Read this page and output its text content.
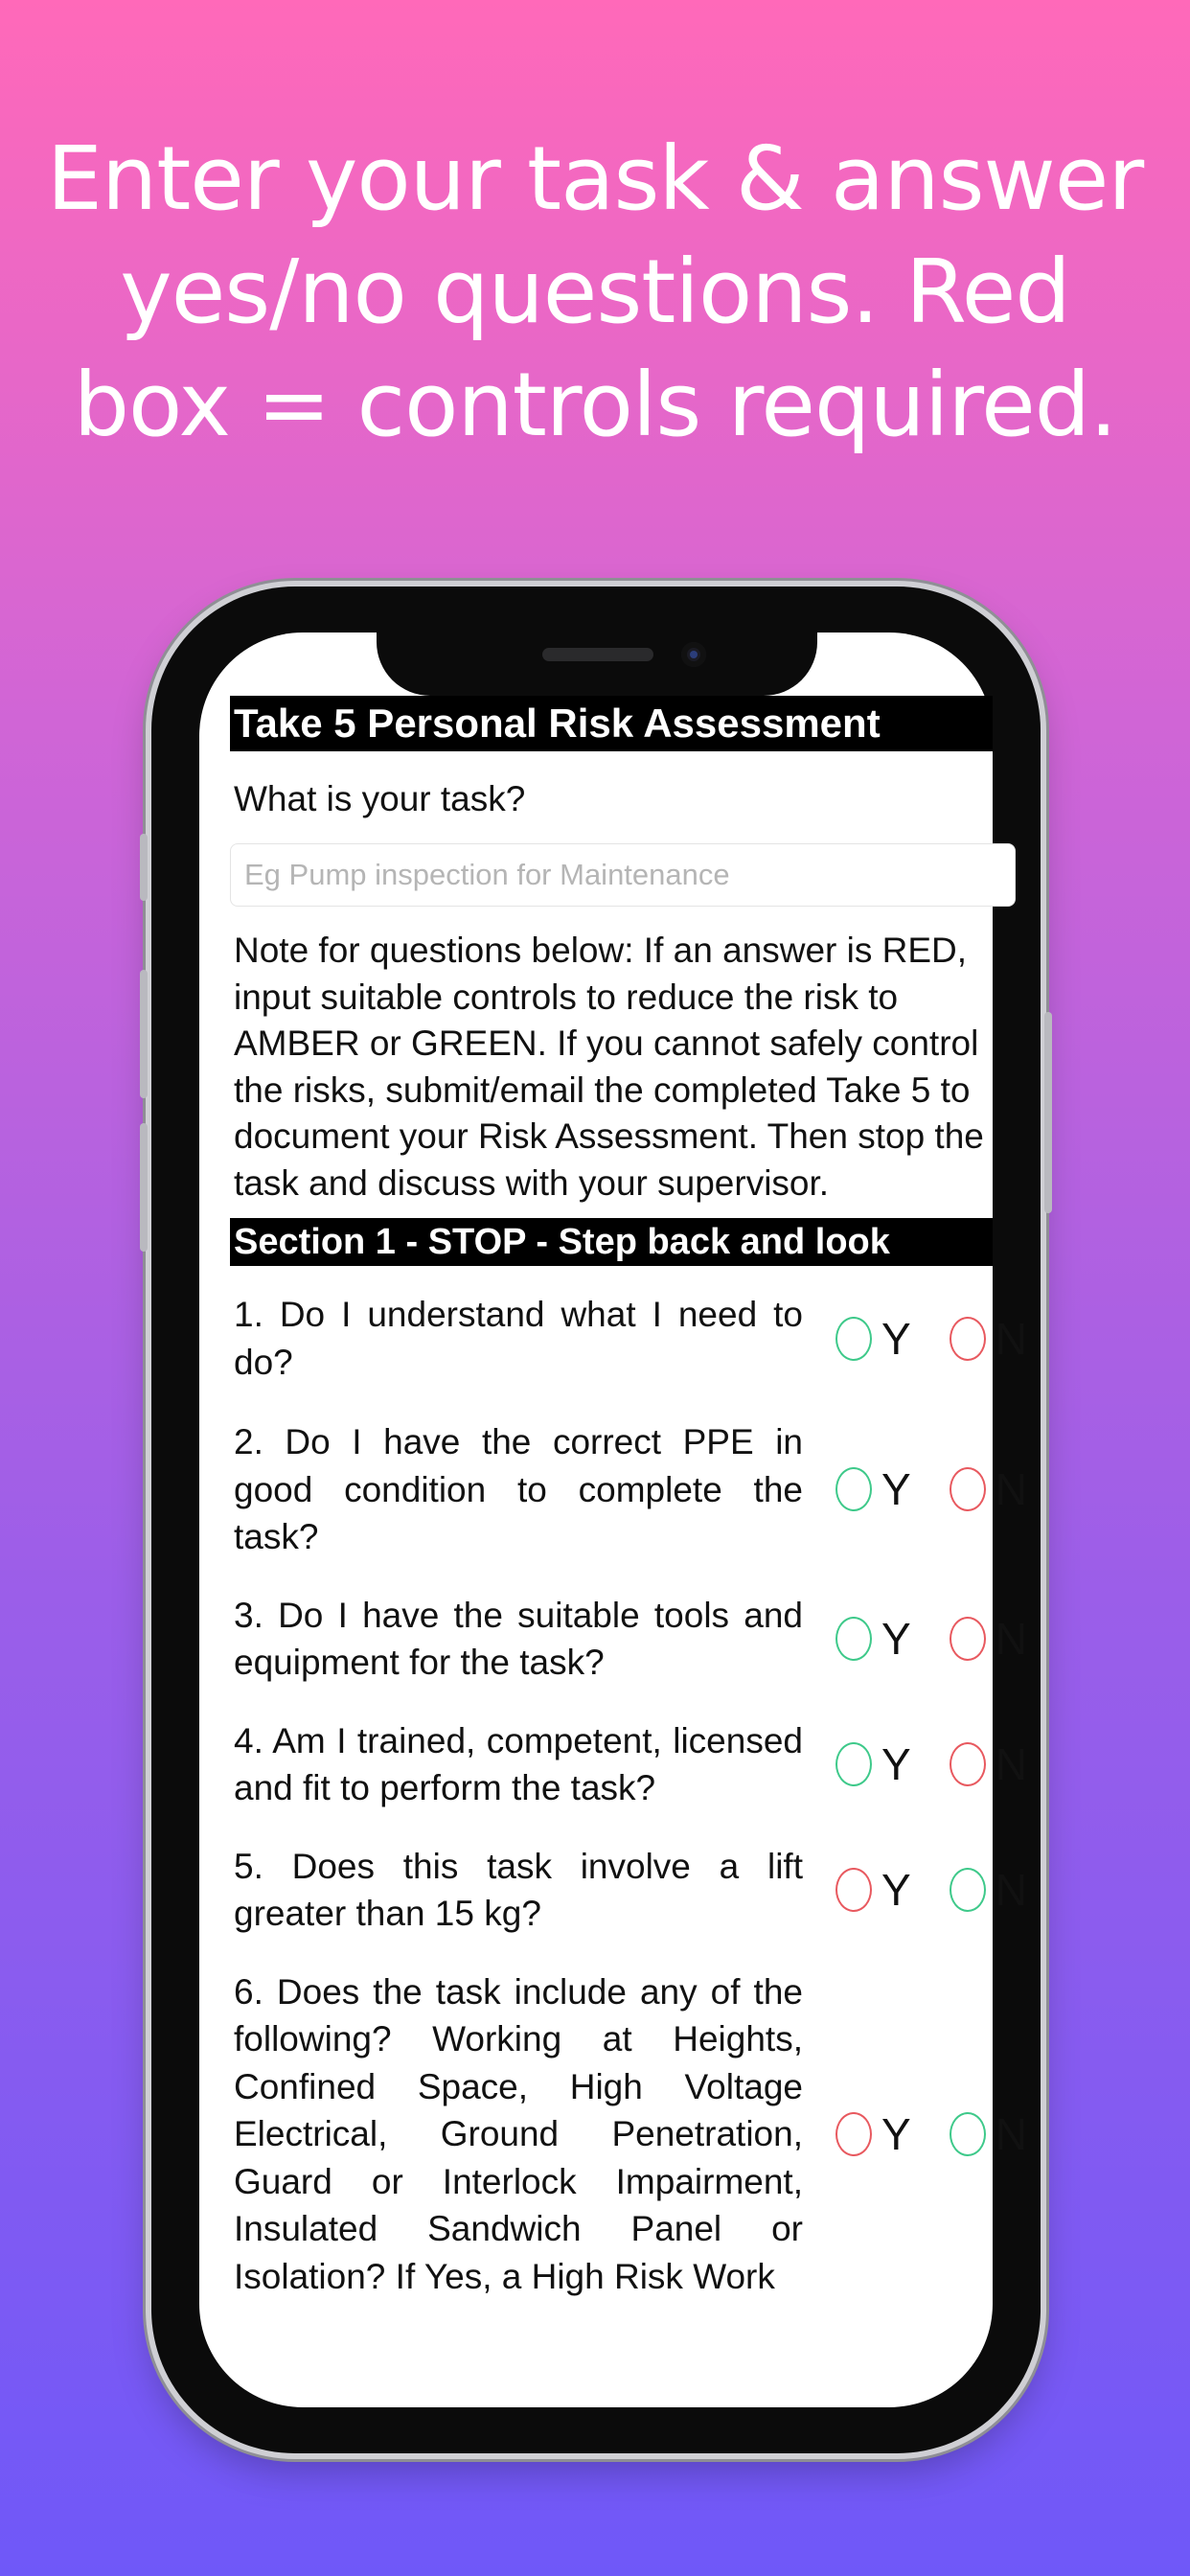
Enter your task & answer
yes/no questions. Red
box = controls required.
Take 5 Personal Risk Assessment
What is your task?
Eg Pump inspection for Maintenance
Note for questions below: If an answer is RED, input suitable controls to reduce the risk to AMBER or GREEN. If you cannot safely control the risks, submit/email the completed Take 5 to document your Risk Assessment. Then stop the task and discuss with your supervisor.
Section 1 - STOP - Step back and look
1. Do I understand what I need to do?	Y N
2. Do I have the correct PPE in good condition to complete the task?
Y N
3. Do I have the suitable tools and equipment for the task?	Y N
4. Am I trained, competent, licensed and fit to perform the task?	Y N
5. Does this task involve a lift greater than 15 kg?	Y N
6. Does the task include any of the following? Working at Heights, Confined Space, High Voltage Electrical, Ground Penetration, Guard or Interlock Impairment, Insulated Sandwich Panel or Isolation? If Yes, a High Risk Work
Y N
